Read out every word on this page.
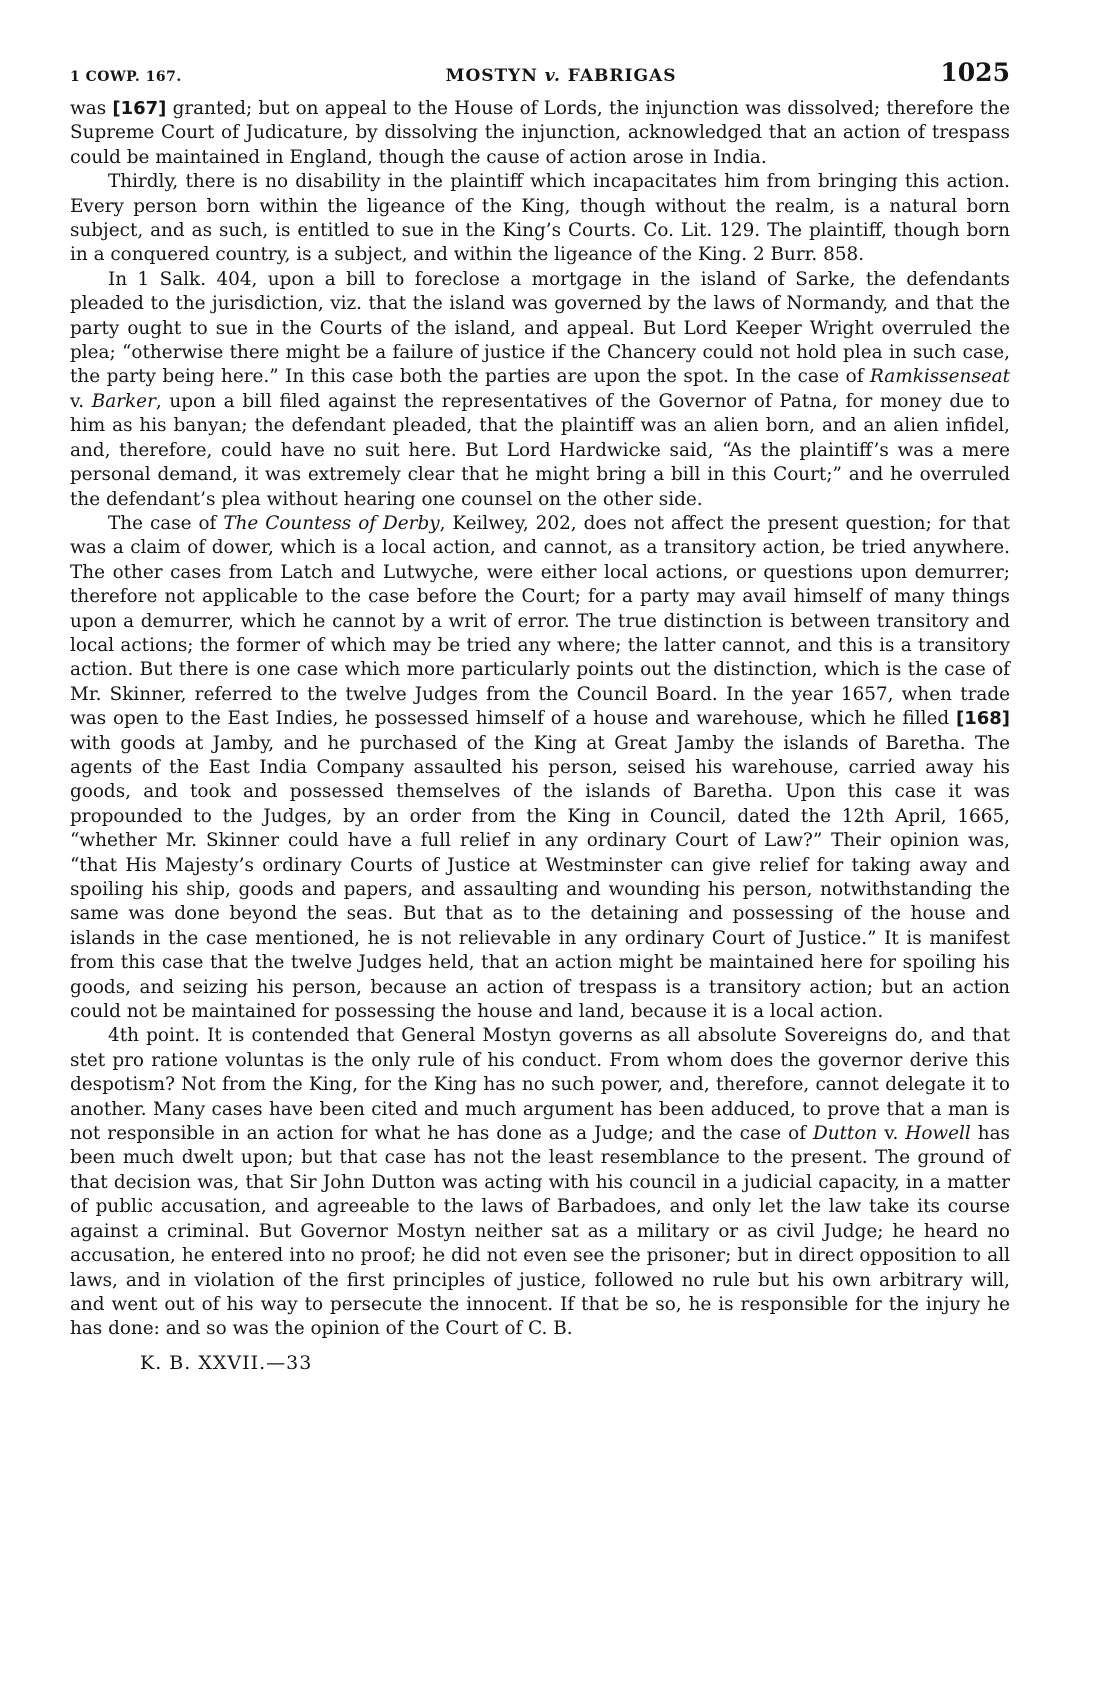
1 COWP. 167.	MOSTYN v. FABRIGAS	1025

was [167] granted; but on appeal to the House of Lords, the injunction was dissolved; therefore the Supreme Court of Judicature, by dissolving the injunction, acknowledged that an action of trespass could be maintained in England, though the cause of action arose in India.

Thirdly, there is no disability in the plaintiff which incapacitates him from bringing this action. Every person born within the ligeance of the King, though without the realm, is a natural born subject, and as such, is entitled to sue in the King’s Courts. Co. Lit. 129. The plaintiff, though born in a conquered country, is a subject, and within the ligeance of the King. 2 Burr. 858.

In 1 Salk. 404, upon a bill to foreclose a mortgage in the island of Sarke, the defendants pleaded to the jurisdiction, viz. that the island was governed by the laws of Normandy, and that the party ought to sue in the Courts of the island, and appeal. But Lord Keeper Wright overruled the plea; “otherwise there might be a failure of justice if the Chancery could not hold plea in such case, the party being here.” In this case both the parties are upon the spot. In the case of Ramkissenseat v. Barker, upon a bill filed against the representatives of the Governor of Patna, for money due to him as his banyan; the defendant pleaded, that the plaintiff was an alien born, and an alien infidel, and, therefore, could have no suit here. But Lord Hardwicke said, “As the plaintiff’s was a mere personal demand, it was extremely clear that he might bring a bill in this Court;” and he overruled the defendant’s plea without hearing one counsel on the other side.

The case of The Countess of Derby, Keilwey, 202, does not affect the present question; for that was a claim of dower, which is a local action, and cannot, as a transitory action, be tried anywhere. The other cases from Latch and Lutwyche, were either local actions, or questions upon demurrer; therefore not applicable to the case before the Court; for a party may avail himself of many things upon a demurrer, which he cannot by a writ of error. The true distinction is between transitory and local actions; the former of which may be tried any where; the latter cannot, and this is a transitory action. But there is one case which more particularly points out the distinction, which is the case of Mr. Skinner, referred to the twelve Judges from the Council Board. In the year 1657, when trade was open to the East Indies, he possessed himself of a house and warehouse, which he filled [168] with goods at Jamby, and he purchased of the King at Great Jamby the islands of Baretha. The agents of the East India Company assaulted his person, seised his warehouse, carried away his goods, and took and possessed themselves of the islands of Baretha. Upon this case it was propounded to the Judges, by an order from the King in Council, dated the 12th April, 1665, “whether Mr. Skinner could have a full relief in any ordinary Court of Law?” Their opinion was, “that His Majesty’s ordinary Courts of Justice at Westminster can give relief for taking away and spoiling his ship, goods and papers, and assaulting and wounding his person, notwithstanding the same was done beyond the seas. But that as to the detaining and possessing of the house and islands in the case mentioned, he is not relievable in any ordinary Court of Justice.” It is manifest from this case that the twelve Judges held, that an action might be maintained here for spoiling his goods, and seizing his person, because an action of trespass is a transitory action; but an action could not be maintained for possessing the house and land, because it is a local action.

4th point. It is contended that General Mostyn governs as all absolute Sovereigns do, and that stet pro ratione voluntas is the only rule of his conduct. From whom does the governor derive this despotism? Not from the King, for the King has no such power, and, therefore, cannot delegate it to another. Many cases have been cited and much argument has been adduced, to prove that a man is not responsible in an action for what he has done as a Judge; and the case of Dutton v. Howell has been much dwelt upon; but that case has not the least resemblance to the present. The ground of that decision was, that Sir John Dutton was acting with his council in a judicial capacity, in a matter of public accusation, and agreeable to the laws of Barbadoes, and only let the law take its course against a criminal. But Governor Mostyn neither sat as a military or as civil Judge; he heard no accusation, he entered into no proof; he did not even see the prisoner; but in direct opposition to all laws, and in violation of the first principles of justice, followed no rule but his own arbitrary will, and went out of his way to persecute the innocent. If that be so, he is responsible for the injury he has done: and so was the opinion of the Court of C. B.

K. B. XXVII.—33
